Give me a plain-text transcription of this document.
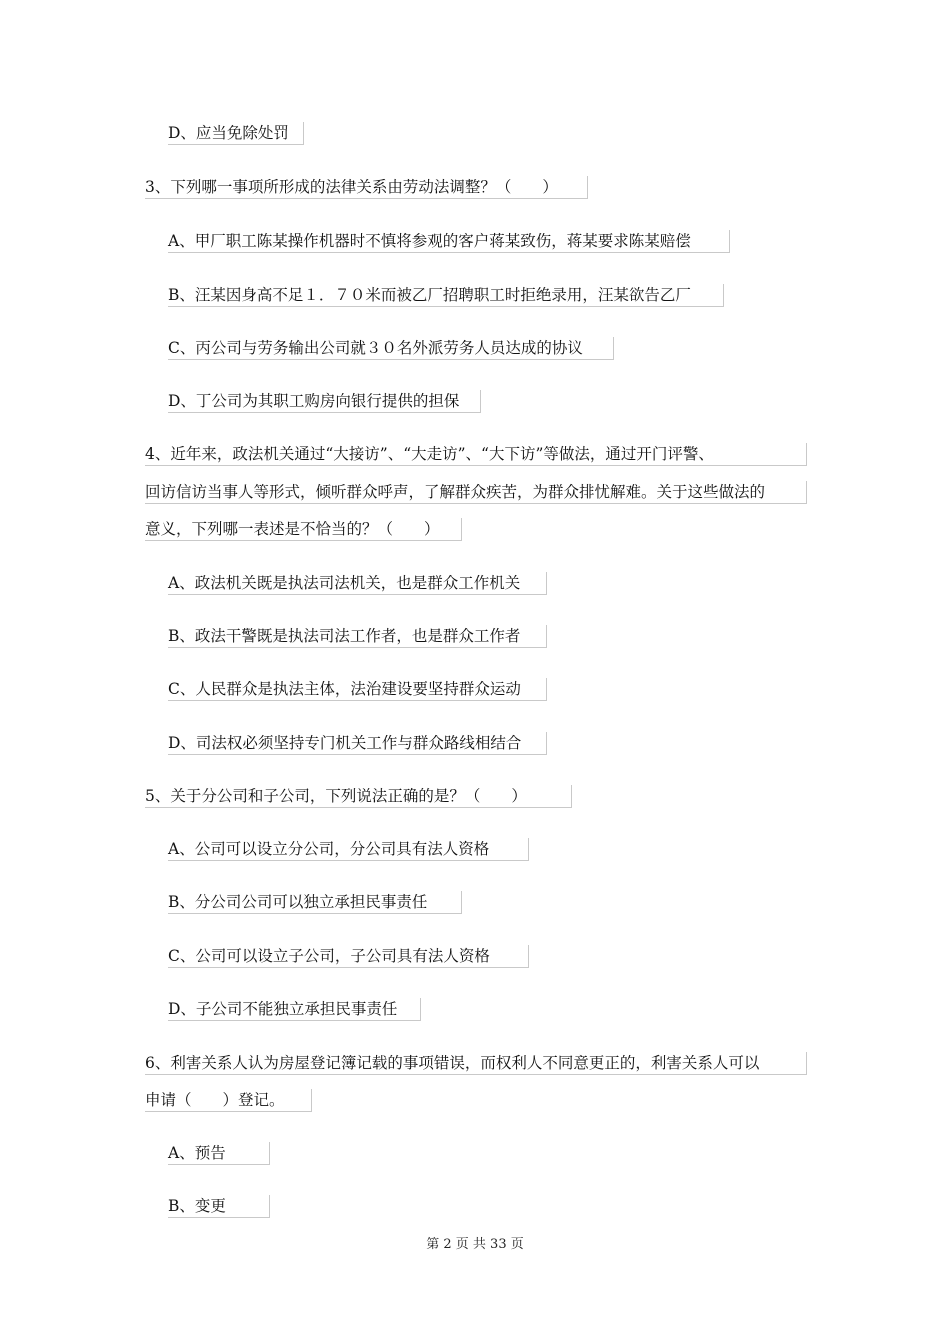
D、应当免除处罚
3、下列哪一事项所形成的法律关系由劳动法调整？（　　）
A、甲厂职工陈某操作机器时不慎将参观的客户蒋某致伤，蒋某要求陈某赔偿
B、汪某因身高不足１．７０米而被乙厂招聘职工时拒绝录用，汪某欲告乙厂
C、丙公司与劳务输出公司就３０名外派劳务人员达成的协议
D、丁公司为其职工购房向银行提供的担保
4、近年来，政法机关通过“大接访”、“大走访”、“大下访”等做法，通过开门评警、
回访信访当事人等形式，倾听群众呼声，了解群众疾苦，为群众排忧解难。关于这些做法的
意义，下列哪一表述是不恰当的？（　　）
A、政法机关既是执法司法机关，也是群众工作机关
B、政法干警既是执法司法工作者，也是群众工作者
C、人民群众是执法主体，法治建设要坚持群众运动
D、司法权必须坚持专门机关工作与群众路线相结合
5、关于分公司和子公司，下列说法正确的是？（　　）
A、公司可以设立分公司，分公司具有法人资格
B、分公司公司可以独立承担民事责任
C、公司可以设立子公司，子公司具有法人资格
D、子公司不能独立承担民事责任
6、利害关系人认为房屋登记簿记载的事项错误，而权利人不同意更正的，利害关系人可以
申请（　　）登记。
A、预告
B、变更
第 2 页 共 33 页
